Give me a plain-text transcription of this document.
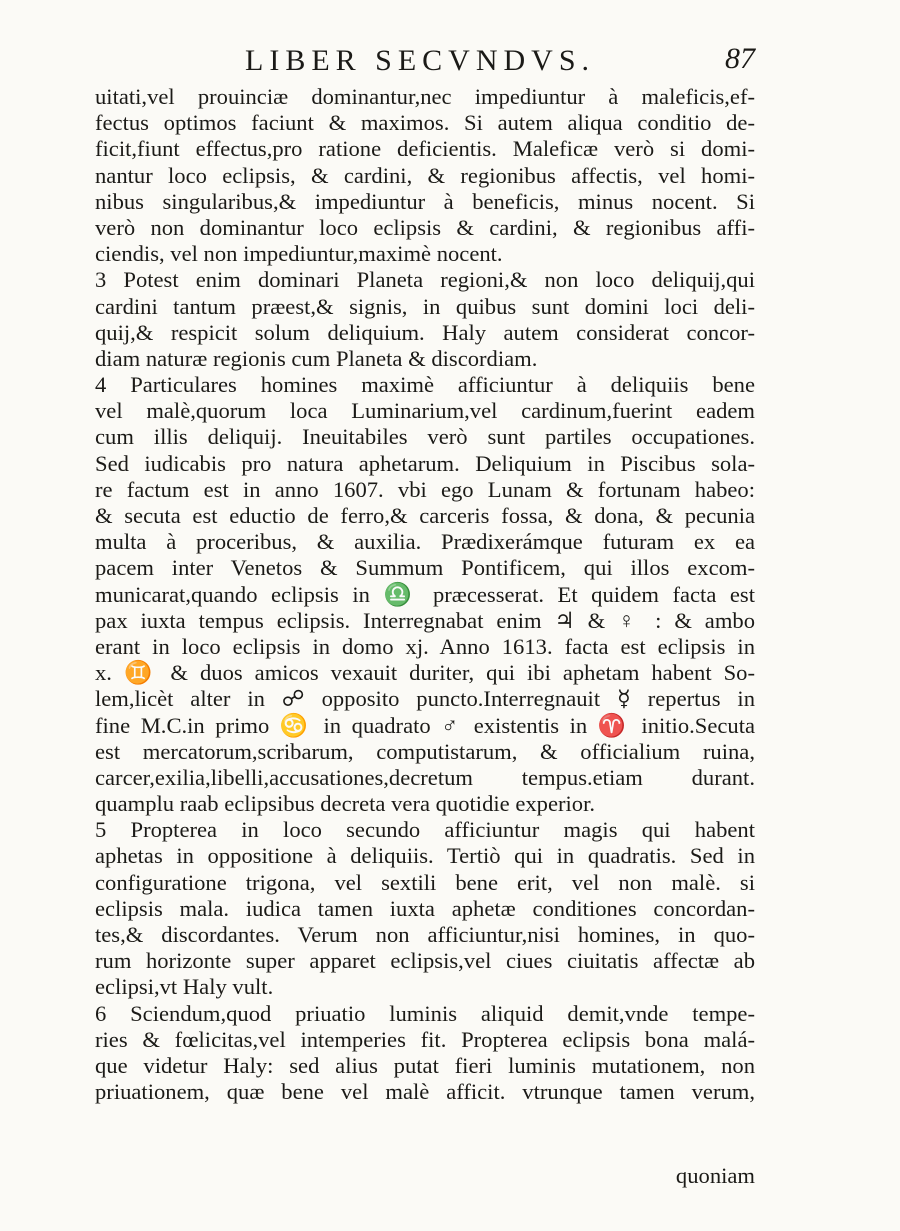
LIBER SECVNDVS.	87
uitati,vel prouinciæ dominantur,nec impediuntur à maleficis,ef-
fectus optimos faciunt & maximos. Si autem aliqua conditio de-
ficit,fiunt effectus,pro ratione deficientis. Maleficæ verò si domi-
nantur loco eclipsis, & cardini, & regionibus affectis, vel homi-
nibus singularibus,& impediuntur à beneficis, minus nocent. Si
verò non dominantur loco eclipsis & cardini, & regionibus affi-
ciendis, vel non impediuntur,maximè nocent.
3 Potest enim dominari Planeta regioni,& non loco deliquij,qui
cardini tantum præest,& signis, in quibus sunt domini loci deli-
quij,& respicit solum deliquium. Haly autem considerat concor-
diam naturæ regionis cum Planeta & discordiam.
4 Particulares homines maximè afficiuntur à deliquiis bene
vel malè,quorum loca Luminarium,vel cardinum,fuerint eadem
cum illis deliquij. Ineuitabiles verò sunt partiles occupationes.
Sed iudicabis pro natura aphetarum. Deliquium in Piscibus sola-
re factum est in anno 1607. vbi ego Lunam & fortunam habeo:
& secuta est eductio de ferro,& carceris fossa, & dona, & pecunia
multa à proceribus, & auxilia. Prædixerámque futuram ex ea
pacem inter Venetos & Summum Pontificem, qui illos excom-
municarat,quando eclipsis in ♎ præcesserat. Et quidem facta est
pax iuxta tempus eclipsis. Interregnabat enim ♃ & ♀ : & ambo
erant in loco eclipsis in domo xj. Anno 1613. facta est eclipsis in
x. ♊ & duos amicos vexauit duriter, qui ibi aphetam habent So-
lem,licèt alter in ☍ opposito puncto.Interregnauit ☿ repertus in
fine M.C.in primo ♋ in quadrato ♂ existentis in ♈ initio.Secuta
est mercatorum,scribarum, computistarum, & officialium ruina,
carcer,exilia,libelli,accusationes,decretum tempus.etiam durant.
quamplu raab eclipsibus decreta vera quotidie experior.
5 Propterea in loco secundo afficiuntur magis qui habent
aphetas in oppositione à deliquiis. Tertiò qui in quadratis. Sed in
configuratione trigona, vel sextili bene erit, vel non malè. si
eclipsis mala. iudica tamen iuxta aphetæ conditiones concordan-
tes,& discordantes. Verum non afficiuntur,nisi homines, in quo-
rum horizonte super apparet eclipsis,vel ciues ciuitatis affectæ ab
eclipsi,vt Haly vult.
6 Sciendum,quod priuatio luminis aliquid demit,vnde tempe-
ries & fœlicitas,vel intemperies fit. Propterea eclipsis bona malá-
que videtur Haly: sed alius putat fieri luminis mutationem, non
priuationem, quæ bene vel malè afficit. vtrunque tamen verum,
quoniam
